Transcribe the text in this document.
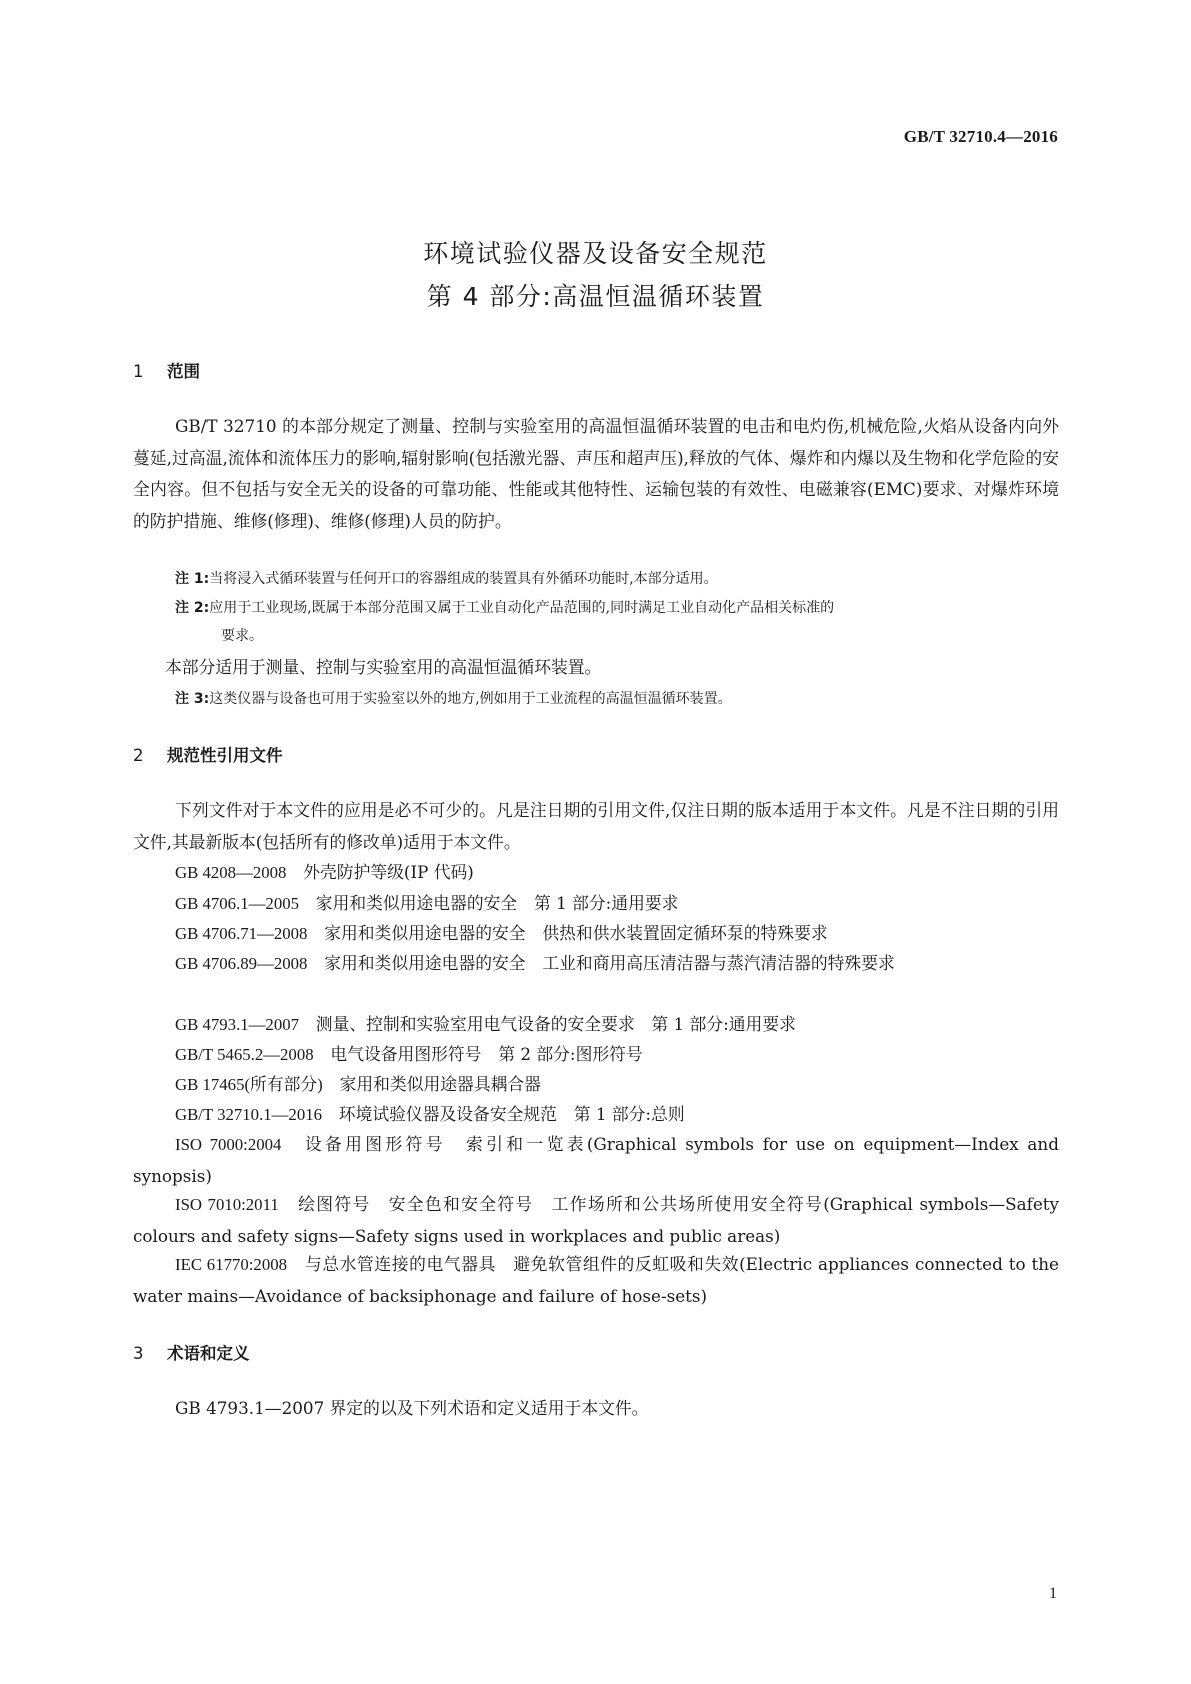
GB/T 32710.4—2016
环境试验仪器及设备安全规范
第 4 部分:高温恒温循环装置
1 范围
GB/T 32710 的本部分规定了测量、控制与实验室用的高温恒温循环装置的电击和电灼伤,机械危险,火焰从设备内向外蔓延,过高温,流体和流体压力的影响,辐射影响(包括激光器、声压和超声压),释放的气体、爆炸和内爆以及生物和化学危险的安全内容。但不包括与安全无关的设备的可靠功能、性能或其他特性、运输包装的有效性、电磁兼容(EMC)要求、对爆炸环境的防护措施、维修(修理)、维修(修理)人员的防护。
注 1:当将浸入式循环装置与任何开口的容器组成的装置具有外循环功能时,本部分适用。
注 2:应用于工业现场,既属于本部分范围又属于工业自动化产品范围的,同时满足工业自动化产品相关标准的
要求。
本部分适用于测量、控制与实验室用的高温恒温循环装置。
注 3:这类仪器与设备也可用于实验室以外的地方,例如用于工业流程的高温恒温循环装置。
2 规范性引用文件
下列文件对于本文件的应用是必不可少的。凡是注日期的引用文件,仅注日期的版本适用于本文件。凡是不注日期的引用文件,其最新版本(包括所有的修改单)适用于本文件。
GB 4208—2008　 外壳防护等级(IP 代码)
GB 4706.1—2005　 家用和类似用途电器的安全　第 1 部分:通用要求
GB 4706.71—2008　 家用和类似用途电器的安全　供热和供水装置固定循环泵的特殊要求
GB 4706.89—2008　 家用和类似用途电器的安全　工业和商用高压清洁器与蒸汽清洁器的特殊要求
GB 4793.1—2007　 测量、控制和实验室用电气设备的安全要求　第 1 部分:通用要求
GB/T 5465.2—2008　 电气设备用图形符号　第 2 部分:图形符号
GB 17465(所有部分)　 家用和类似用途器具耦合器
GB/T 32710.1—2016　 环境试验仪器及设备安全规范　第 1 部分:总则
ISO 7000:2004　 设备用图形符号　索引和一览表(Graphical symbols for use on equipment—Index and synopsis)
ISO 7010:2011　 绘图符号　安全色和安全符号　工作场所和公共场所使用安全符号(Graphical symbols—Safety colours and safety signs—Safety signs used in workplaces and public areas)
IEC 61770:2008　 与总水管连接的电气器具　避免软管组件的反虹吸和失效(Electric appliances connected to the water mains—Avoidance of backsiphonage and failure of hose-sets)
3 术语和定义
GB 4793.1—2007 界定的以及下列术语和定义适用于本文件。
1
